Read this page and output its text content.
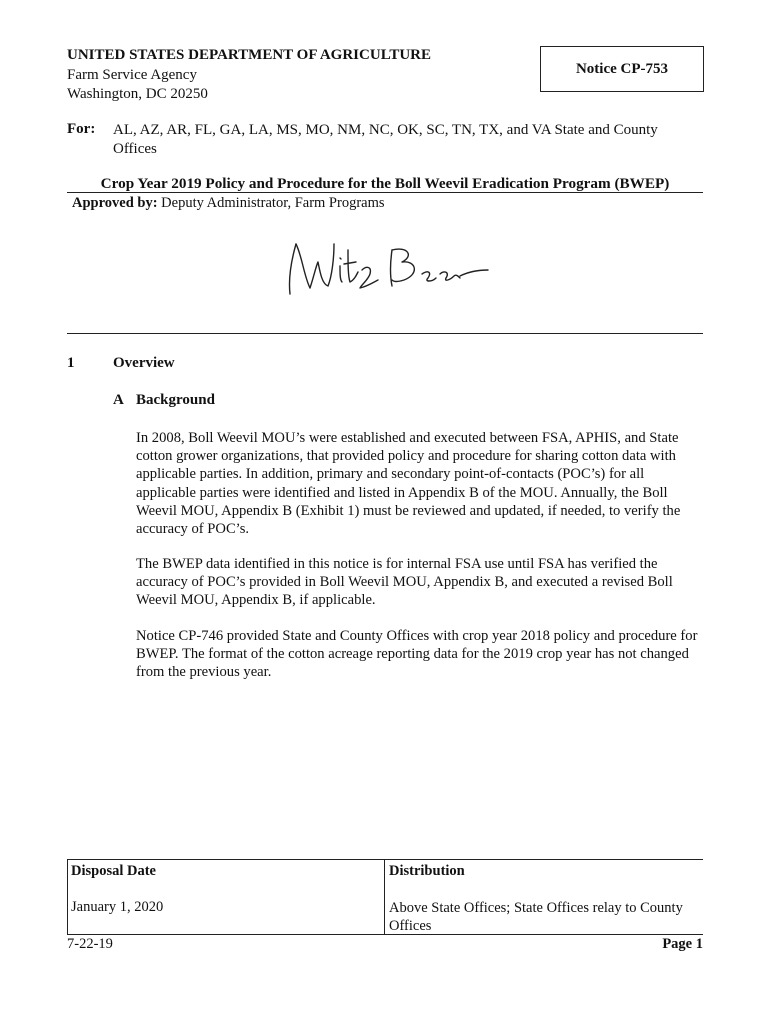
UNITED STATES DEPARTMENT OF AGRICULTURE
Farm Service Agency
Washington, DC 20250
Notice CP-753
For: AL, AZ, AR, FL, GA, LA, MS, MO, NM, NC, OK, SC, TN, TX, and VA State and County Offices
Crop Year 2019 Policy and Procedure for the Boll Weevil Eradication Program (BWEP)
Approved by: Deputy Administrator, Farm Programs
1	Overview
A Background
In 2008, Boll Weevil MOU’s were established and executed between FSA, APHIS, and State cotton grower organizations, that provided policy and procedure for sharing cotton data with applicable parties. In addition, primary and secondary point-of-contacts (POC’s) for all applicable parties were identified and listed in Appendix B of the MOU. Annually, the Boll Weevil MOU, Appendix B (Exhibit 1) must be reviewed and updated, if needed, to verify the accuracy of POC’s.
The BWEP data identified in this notice is for internal FSA use until FSA has verified the accuracy of POC’s provided in Boll Weevil MOU, Appendix B, and executed a revised Boll Weevil MOU, Appendix B, if applicable.
Notice CP-746 provided State and County Offices with crop year 2018 policy and procedure for BWEP. The format of the cotton acreage reporting data for the 2019 crop year has not changed from the previous year.
Disposal Date	Distribution
January 1, 2020	Above State Offices; State Offices relay to County Offices
7-22-19	Page 1
